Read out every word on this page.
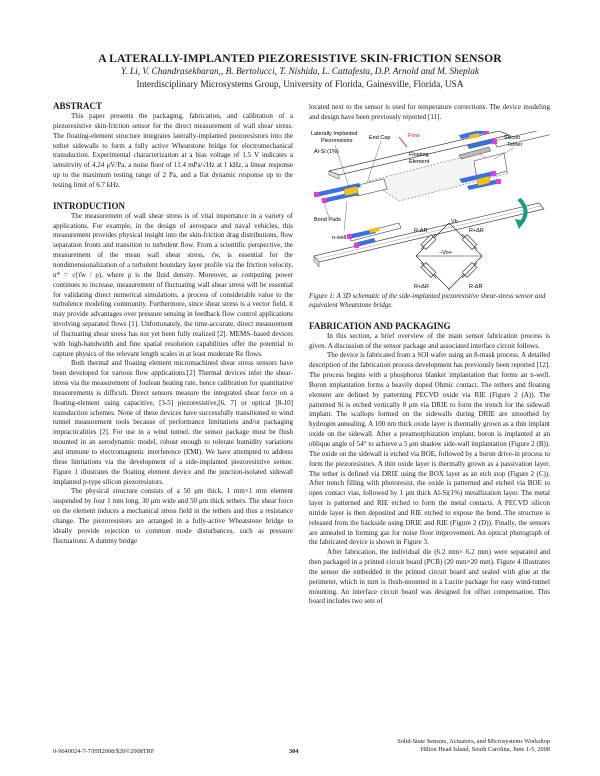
A LATERALLY-IMPLANTED PIEZORESISTIVE SKIN-FRICTION SENSOR
Y. Li, V. Chandrasekharan,, B. Bertolucci, T. Nishida, L. Cattafesta, D.P. Arnold and M. Sheplak
Interdisciplinary Microsystems Group, University of Florida, Gainesville, Florida, USA
ABSTRACT

This paper presents the packaging, fabrication, and calibration of a piezoresistive skin-friction sensor for the direct measurement of wall shear stress. The floating-element structure integrates laterally-implanted piezoresistors into the tether sidewalls to form a fully active Wheatstone bridge for electromechanical transduction. Experimental characterization at a bias voltage of 1.5 V indicates a sensitivity of 4.24 μV/Pa, a noise floor of 11.4 mPa/√Hz at 1 kHz, a linear response up to the maximum testing range of 2 Pa, and a flat dynamic response up to the testing limit of 6.7 kHz.

INTRODUCTION

The measurement of wall shear stress is of vital importance in a variety of applications. For example, in the design of aerospace and naval vehicles, this measurement provides physical insight into the skin-friction drag distributions, flow separation fronts and transition to turbulent flow. From a scientific perspective, the measurement of the mean wall shear stress, τ̄w, is essential for the nondimensionalization of a turbulent boundary layer profile via the friction velocity, u* = √(τ̄w / ρ), where ρ is the fluid density. Moreover, as computing power continues to increase, measurement of fluctuating wall shear stress will be essential for validating direct numerical simulations, a process of considerable value to the turbulence modeling community. Furthermore, since shear stress is a vector field, it may provide advantages over pressure sensing in feedback flow control applications involving separated flows [1]. Unfortunately, the time-accurate, direct measurement of fluctuating shear stress has not yet been fully realized [2]. MEMS–based devices with high-bandwidth and fine spatial resolution capabilities offer the potential to capture physics of the relevant length scales in at least moderate Re flows.

Both thermal and floating element micromachined shear stress sensors have been developed for various flow applications.[2] Thermal devices infer the shear-stress via the measurement of Joulean heating rate, hence calibration for quantitative measurements is difficult. Direct sensors measure the integrated shear force on a floating-element using capacitive, [3-5] piezoresistive,[6, 7] or optical [8-10] transduction schemes. None of these devices have successfully transitioned to wind tunnel measurement tools because of performance limitations and/or packaging impracticalities [2]. For use in a wind tunnel, the sensor package must be flush mounted in an aerodynamic model, robust enough to tolerate humidity variations and immune to electromagnetic interference (EMI). We have attempted to address these limitations via the development of a side-implanted piezoresistive sensor. Figure 1 illustrates the floating element device and the junction-isolated sidewall implanted p-type silicon piezoresistors.

The physical structure consists of a 50 μm thick, 1 mm×1 mm element suspended by four 1 mm long, 30 μm wide and 50 μm thick tethers. The shear force on the element induces a mechanical stress field in the tethers and thus a resistance change. The piezoresistors are arranged in a fully-active Wheatstone bridge to ideally provide rejection to common mode disturbances, such as pressure fluctuations. A dummy bridge

located next to the sensor is used for temperature corrections. The device modeling and design have been previously reported [11].

Flow
Laterally Implanted
Piezoresistor	End Cap
Al-Si (1%)	Floating
Element
Silicon
Tether
Bond Pads
n-well
Vb
−Vo+
R-ΔR	R+ΔR
R+ΔR	R-ΔR

Figure 1: A 3D schematic of the side-implanted piezoresistive shear-stress sensor and equivalent Wheatstone bridge.

FABRICATION AND PACKAGING

In this section, a brief overview of the main sensor fabrication process is given. A discussion of the sensor package and associated interface circuit follows.

The device is fabricated from a SOI wafer using an 8-mask process. A detailed description of the fabrication process development has previously been reported [12]. The process begins with a phosphorus blanket implantation that forms an n-well. Boron implantation forms a heavily doped Ohmic contact. The tethers and floating element are defined by patterning PECVD oxide via RIE (Figure 2 (A)). The patterned Si is etched vertically 8 μm via DRIE to form the trench for the sidewall implant. The scallops formed on the sidewalls during DRIE are smoothed by hydrogen annealing. A 100 nm thick oxide layer is thermally grown as a thin implant oxide on the sidewall. After a preamorphization implant, boron is implanted at an oblique angle of 54° to achieve a 5 μm shadow side-wall implantation (Figure 2 (B)). The oxide on the sidewall is etched via BOE, followed by a boron drive-in process to form the piezoresistors. A thin oxide layer is thermally grown as a passivation layer. The tether is defined via DRIE using the BOX layer as an etch stop (Figure 2 (C)). After trench filling with photoresist, the oxide is patterned and etched via BOE to open contact vias, followed by 1 μm thick Al-Si(1%) metallization layer. The metal layer is patterned and RIE etched to form the metal contacts. A PECVD silicon nitride layer is then deposited and RIE etched to expose the bond. The structure is released from the backside using DRIE and RIE (Figure 2 (D)). Finally, the sensors are annealed in forming gas for noise floor improvement. An optical photograph of the fabricated device is shown in Figure 3.

After fabrication, the individual die (6.2 mm× 6.2 mm) were separated and then packaged in a printed circuit board (PCB) (20 mm×20 mm). Figure 4 illustrates the sensor die embedded in the printed circuit board and sealed with glue at the perimeter, which in turn is flush-mounted in a Lucite package for easy wind-tunnel mounting. An interface circuit board was designed for offset compensation. This board includes two sets of

0-9640024-7-7/HH2008/$20©2008TRF	304
Solid-State Sensors, Actuators, and Microsystems Workshop
Hilton Head Island, South Carolina, June 1-5, 2008
